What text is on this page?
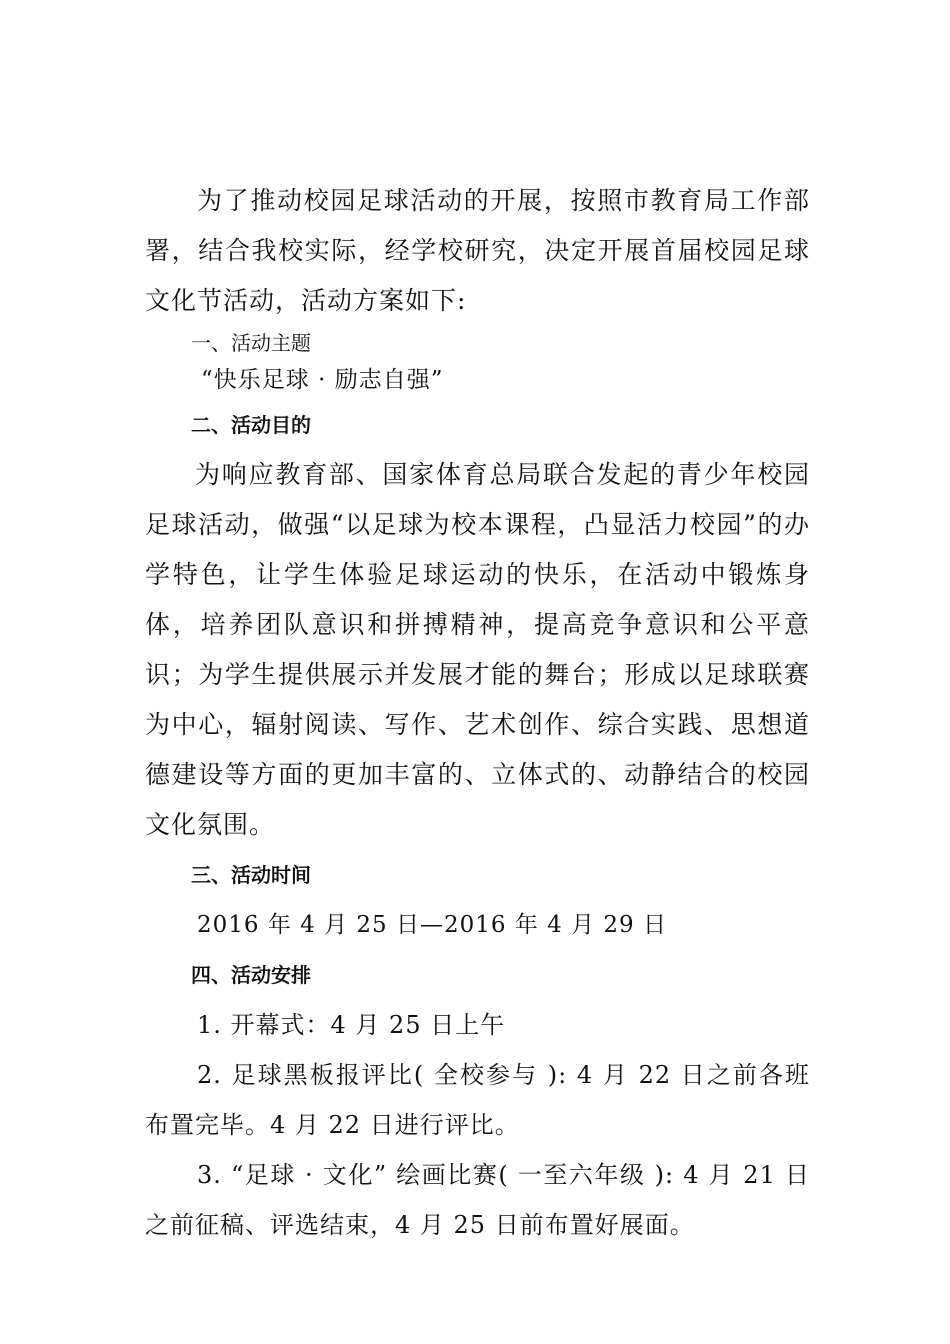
为了推动校园足球活动的开展，按照市教育局工作部署，结合我校实际，经学校研究，决定开展首届校园足球文化节活动，活动方案如下:

一、活动主题

“快乐足球 · 励志自强”

二、活动目的

为响应教育部、国家体育总局联合发起的青少年校园足球活动，做强“以足球为校本课程，凸显活力校园”的办学特色，让学生体验足球运动的快乐，在活动中锻炼身体，培养团队意识和拼搏精神，提高竞争意识和公平意识；为学生提供展示并发展才能的舞台；形成以足球联赛为中心，辐射阅读、写作、艺术创作、综合实践、思想道德建设等方面的更加丰富的、立体式的、动静结合的校园文化氛围。

三、活动时间

2016 年 4 月 25 日—2016 年 4 月 29 日

四、活动安排

1. 开幕式：4 月 25 日上午

2. 足球黑板报评比( 全校参与 ): 4 月 22 日之前各班布置完毕。4 月 22 日进行评比。

3. “足球 · 文化” 绘画比赛( 一至六年级 ): 4 月 21 日之前征稿、评选结束，4 月 25 日前布置好展面。
